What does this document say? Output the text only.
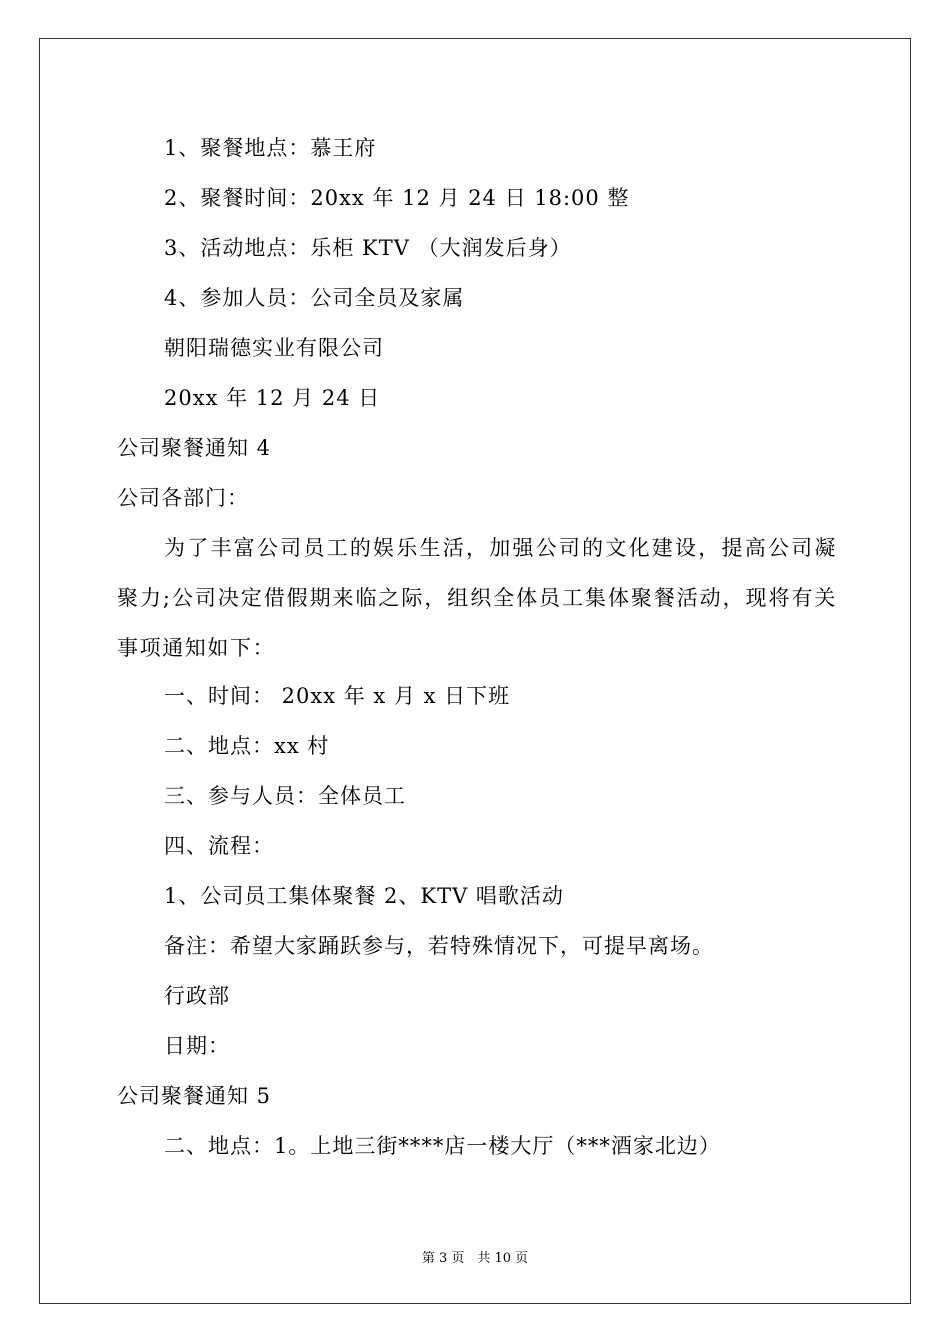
1、聚餐地点：慕王府
2、聚餐时间：20xx 年 12 月 24 日 18:00 整
3、活动地点：乐柜 KTV （大润发后身）
4、参加人员：公司全员及家属
朝阳瑞德实业有限公司
20xx 年 12 月 24 日
公司聚餐通知 4
公司各部门：
为了丰富公司员工的娱乐生活，加强公司的文化建设，提高公司凝聚力;公司决定借假期来临之际，组织全体员工集体聚餐活动，现将有关事项通知如下：
一、时间： 20xx 年 x 月 x 日下班
二、地点：xx 村
三、参与人员：全体员工
四、流程：
1、公司员工集体聚餐 2、KTV 唱歌活动
备注：希望大家踊跃参与，若特殊情况下，可提早离场。
行政部
日期：
公司聚餐通知 5
二、地点：1。上地三街****店一楼大厅（***酒家北边）
第 3 页　共 10 页
